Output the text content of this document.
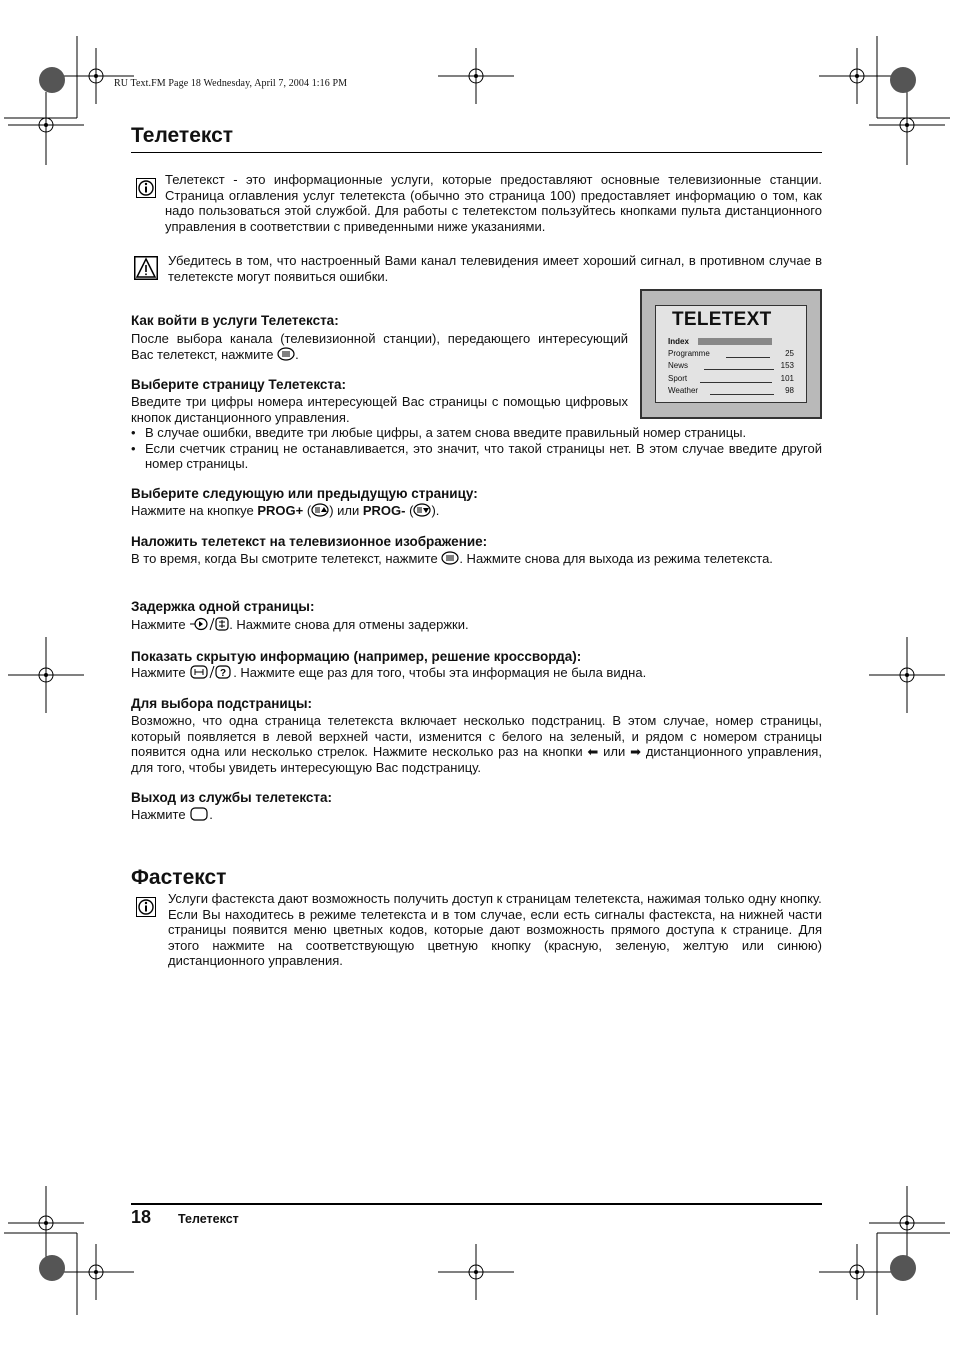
RU Text.FM Page 18 Wednesday, April 7, 2004 1:16 PM
Телетекст
Телетекст - это информационные услуги, которые предоставляют основные телевизионные станции. Страница оглавления услуг телетекста (обычно это страница 100) предоставляет информацию о том, как надо пользоваться этой службой. Для работы с телетекстом пользуйтесь кнопками пульта дистанционного управления в соответствии с приведенными ниже указаниями.
Убедитесь в том, что настроенный Вами канал телевидения имеет хороший сигнал, в противном случае в телетексте могут появиться ошибки.
TELETEXT
Index
Programme	25
News	153
Sport	101
Weather	98
Как войти в услуги Телетекста:
После выбора канала (телевизионной станции), передающего интересующий Вас телетекст, нажмите .
Выберите страницу Телетекста:
Введите три цифры номера интересующей Вас страницы с помощью цифровых кнопок дистанционного управления.
• В случае ошибки, введите три любые цифры, а затем снова введите правильный номер страницы.
• Если счетчик страниц не останавливается, это значит, что такой страницы нет. В этом случае введите другой номер страницы.
Выберите следующую или предыдущую страницу:
Нажмите на кнопкуе PROG+ ( ) или PROG- ( ).
Наложить телетекст на телевизионное изображение:
В то время, когда Вы смотрите телетекст, нажмите . Нажмите снова для выхода из режима телетекста.
Задержка одной страницы:
Нажмите	. Нажмите снова для отмены задержки.
Показать скрытую информацию (например, решение кроссворда):
Нажмите	? . Нажмите еще раз для того, чтобы эта информация не была видна.
Для выбора подстраницы:
Возможно, что одна страница телетекста включает несколько подстраниц. В этом случае, номер страницы, который появляется в левой верхней части, изменится с белого на зеленый, и рядом с номером страницы появится одна или несколько стрелок. Нажмите несколько раз на кнопки ⬅︎ или ➡︎ дистанционного управления, для того, чтобы увидеть интересующую Вас подстраницу.
Выход из службы телетекста:
Нажмите .
Фастекст
Услуги фастекста дают возможность получить доступ к страницам телетекста, нажимая только одну кнопку.
Если Вы находитесь в режиме телетекста и в том случае, если есть сигналы фастекста, на нижней части страницы появится меню цветных кодов, которые дают возможность прямого доступа к странице. Для этого нажмите на соответствующую цветную кнопку (красную, зеленую, желтую или синюю) дистанционного управления.
18 Телетекст
